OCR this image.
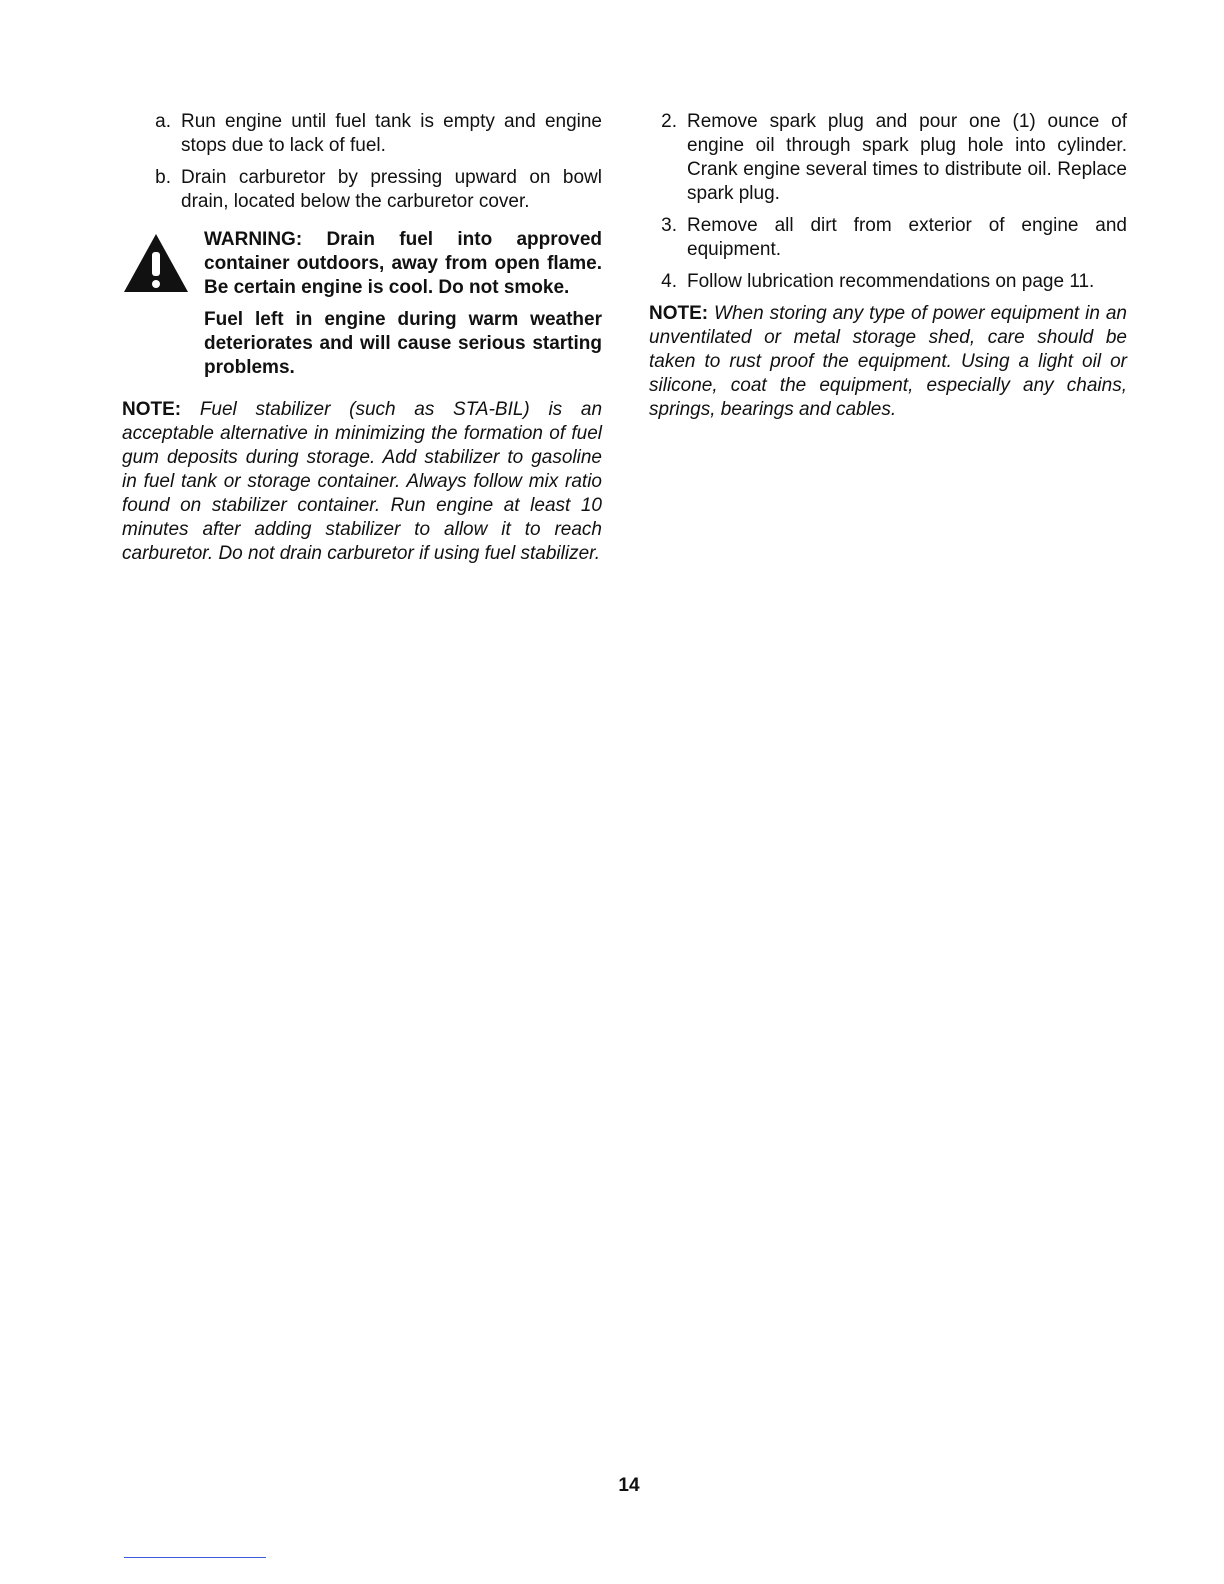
a. Run engine until fuel tank is empty and engine stops due to lack of fuel.
b. Drain carburetor by pressing upward on bowl drain, located below the carburetor cover.

WARNING: Drain fuel into approved container outdoors, away from open flame. Be certain engine is cool. Do not smoke.

Fuel left in engine during warm weather deteriorates and will cause serious starting problems.

NOTE: Fuel stabilizer (such as STA-BIL) is an acceptable alternative in minimizing the formation of fuel gum deposits during storage. Add stabilizer to gasoline in fuel tank or storage container. Always follow mix ratio found on stabilizer container. Run engine at least 10 minutes after adding stabilizer to allow it to reach carburetor. Do not drain carburetor if using fuel stabilizer.

2. Remove spark plug and pour one (1) ounce of engine oil through spark plug hole into cylinder. Crank engine several times to distribute oil. Replace spark plug.
3. Remove all dirt from exterior of engine and equipment.
4. Follow lubrication recommendations on page 11.

NOTE: When storing any type of power equipment in an unventilated or metal storage shed, care should be taken to rust proof the equipment. Using a light oil or silicone, coat the equipment, especially any chains, springs, bearings and cables.

14
